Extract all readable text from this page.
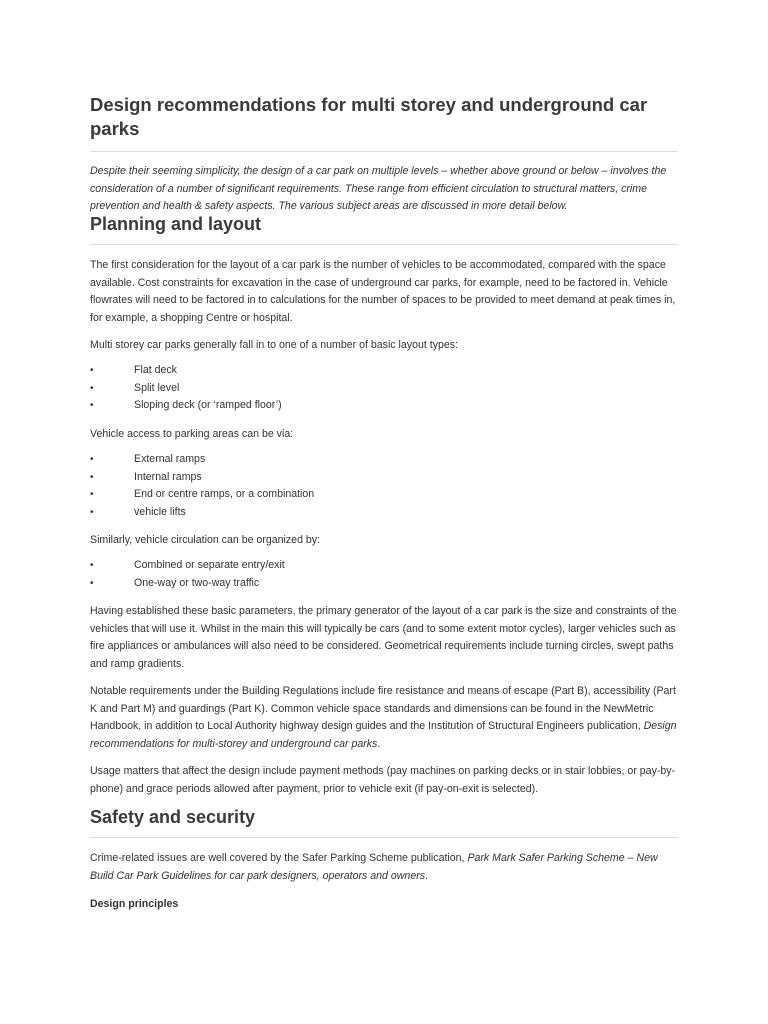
Design recommendations for multi storey and underground car parks

Despite their seeming simplicity, the design of a car park on multiple levels – whether above ground or below – involves the consideration of a number of significant requirements. These range from efficient circulation to structural matters, crime prevention and health & safety aspects. The various subject areas are discussed in more detail below.

Planning and layout

The first consideration for the layout of a car park is the number of vehicles to be accommodated, compared with the space available. Cost constraints for excavation in the case of underground car parks, for example, need to be factored in. Vehicle flowrates will need to be factored in to calculations for the number of spaces to be provided to meet demand at peak times in, for example, a shopping Centre or hospital.

Multi storey car parks generally fall in to one of a number of basic layout types:

•	Flat deck
•	Split level
•	Sloping deck (or ‘ramped floor’)

Vehicle access to parking areas can be via:

•	External ramps
•	Internal ramps
•	End or centre ramps, or a combination
•	vehicle lifts

Similarly, vehicle circulation can be organized by:

•	Combined or separate entry/exit
•	One-way or two-way traffic

Having established these basic parameters, the primary generator of the layout of a car park is the size and constraints of the vehicles that will use it. Whilst in the main this will typically be cars (and to some extent motor cycles), larger vehicles such as fire appliances or ambulances will also need to be considered. Geometrical requirements include turning circles, swept paths and ramp gradients.

Notable requirements under the Building Regulations include fire resistance and means of escape (Part B), accessibility (Part K and Part M) and guardings (Part K). Common vehicle space standards and dimensions can be found in the NewMetric Handbook, in addition to Local Authority highway design guides and the Institution of Structural Engineers publication, Design recommendations for multi-storey and underground car parks.

Usage matters that affect the design include payment methods (pay machines on parking decks or in stair lobbies, or pay-by-phone) and grace periods allowed after payment, prior to vehicle exit (if pay-on-exit is selected).

Safety and security

Crime-related issues are well covered by the Safer Parking Scheme publication, Park Mark Safer Parking Scheme – New Build Car Park Guidelines for car park designers, operators and owners.

Design principles
